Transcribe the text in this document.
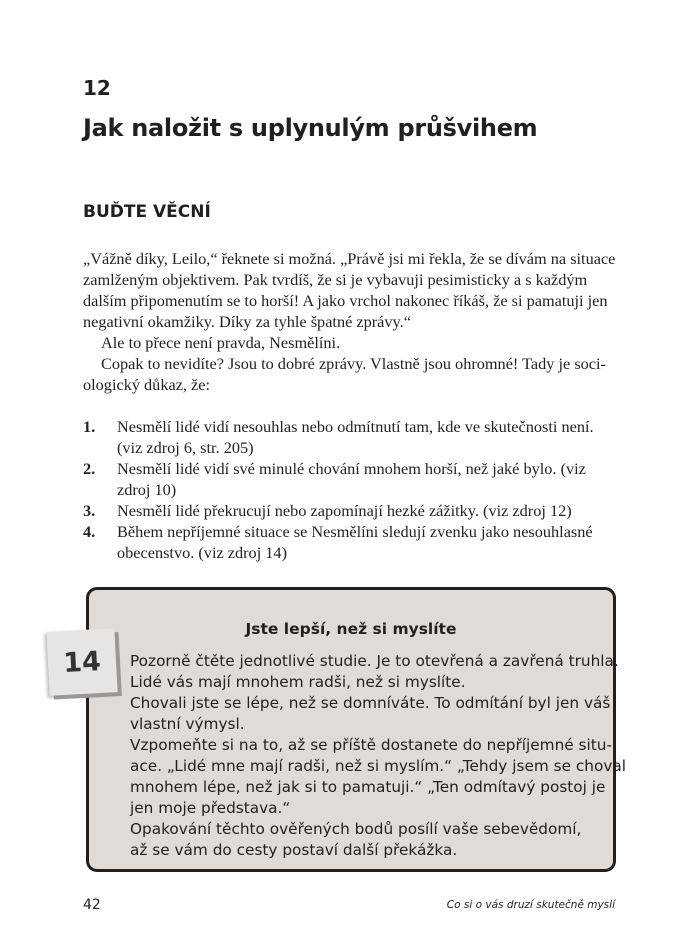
12
Jak naložit s uplynulým průšvihem
BUĎTE VĚCNÍ
„Vážně díky, Leilo,“ řeknete si možná. „Právě jsi mi řekla, že se dívám na situace
zamlženým objektivem. Pak tvrdíš, že si je vybavuji pesimisticky a s každým
dalším připomenutím se to horší! A jako vrchol nakonec říkáš, že si pamatuji jen
negativní okamžiky. Díky za tyhle špatné zprávy.“
Ale to přece není pravda, Nesmělíni.
Copak to nevidíte? Jsou to dobré zprávy. Vlastně jsou ohromné! Tady je soci-
ologický důkaz, že:
1.	Nesmělí lidé vidí nesouhlas nebo odmítnutí tam, kde ve skutečnosti není.
(viz zdroj 6, str. 205)
2.	Nesmělí lidé vidí své minulé chování mnohem horší, než jaké bylo. (viz
zdroj 10)
3.	Nesmělí lidé překrucují nebo zapomínají hezké zážitky. (viz zdroj 12)
4.	Během nepříjemné situace se Nesmělíni sledují zvenku jako nesouhlasné
obecenstvo. (viz zdroj 14)
Jste lepší, než si myslíte
Pozorně čtěte jednotlivé studie. Je to otevřená a zavřená truhla.
Lidé vás mají mnohem radši, než si myslíte.
Chovali jste se lépe, než se domníváte. To odmítání byl jen váš
vlastní výmysl.
Vzpomeňte si na to, až se příště dostanete do nepříjemné situ-
ace. „Lidé mne mají radši, než si myslím.“ „Tehdy jsem se choval
mnohem lépe, než jak si to pamatuji.“ „Ten odmítavý postoj je
jen moje představa.“
Opakování těchto ověřených bodů posílí vaše sebevědomí,
až se vám do cesty postaví další překážka.
14
42	Co si o vás druzí skutečně myslí
